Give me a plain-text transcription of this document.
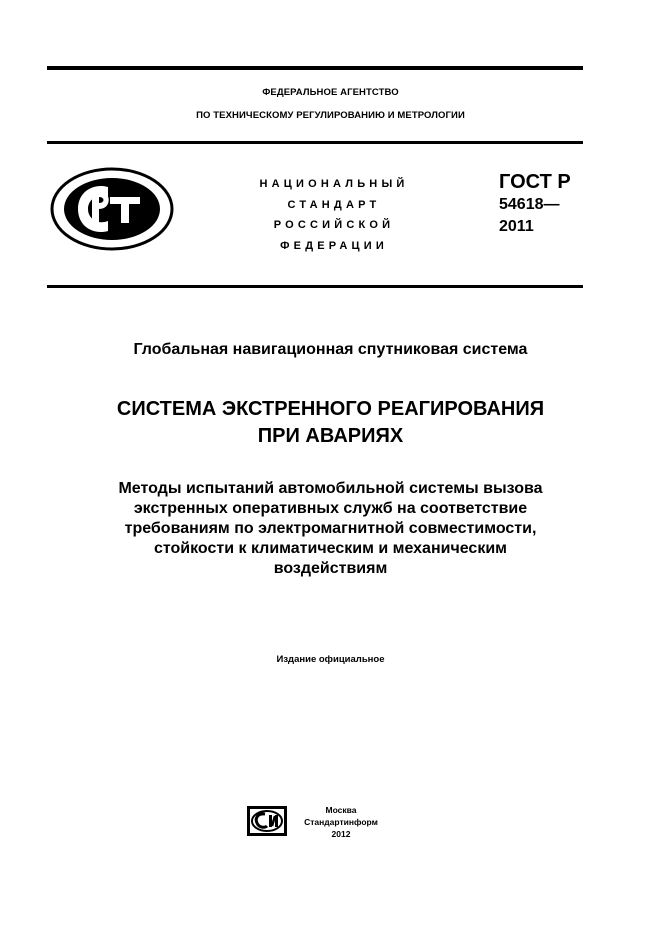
ФЕДЕРАЛЬНОЕ АГЕНТСТВО
ПО ТЕХНИЧЕСКОМУ РЕГУЛИРОВАНИЮ И МЕТРОЛОГИИ
НАЦИОНАЛЬНЫЙ
СТАНДАРТ
РОССИЙСКОЙ
ФЕДЕРАЦИИ
ГОСТ Р
54618—
2011
Глобальная навигационная спутниковая система
СИСТЕМА ЭКСТРЕННОГО РЕАГИРОВАНИЯ
ПРИ АВАРИЯХ
Методы испытаний автомобильной системы вызова
экстренных оперативных служб на соответствие
требованиям по электромагнитной совместимости,
стойкости к климатическим и механическим
воздействиям
Издание официальное
Москва
Стандартинформ
2012
